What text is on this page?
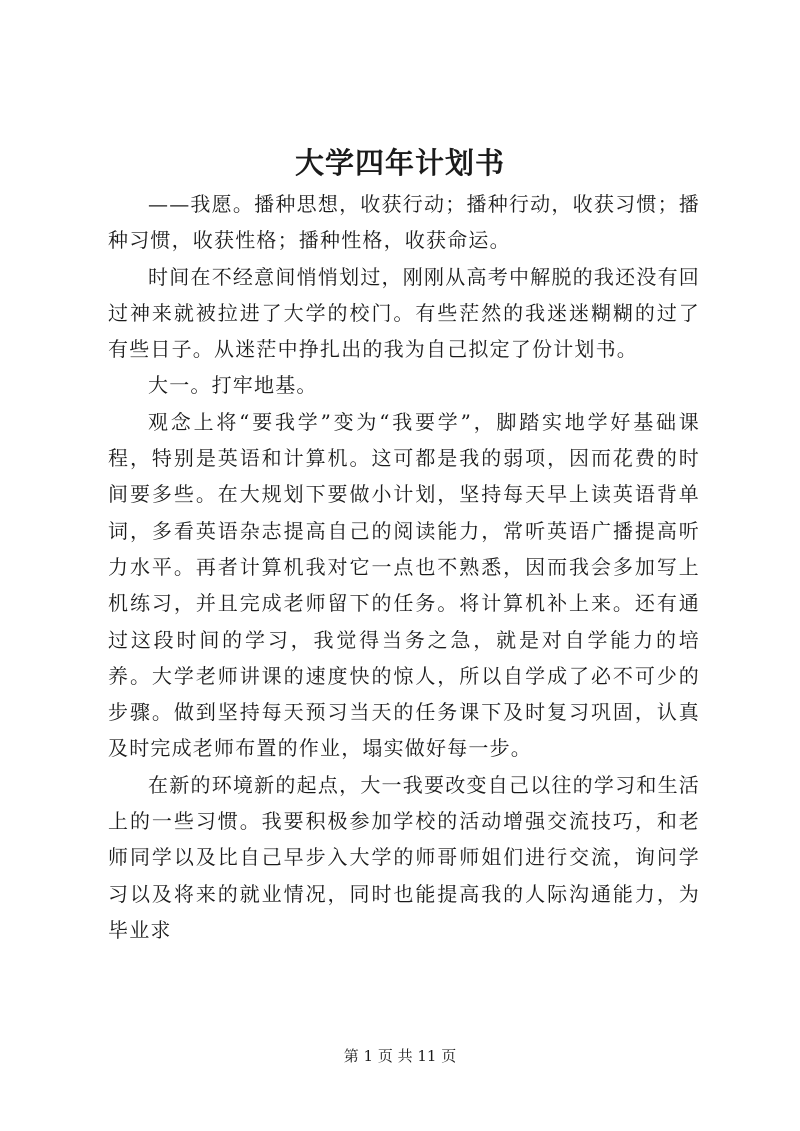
大学四年计划书

——我愿。播种思想，收获行动；播种行动，收获习惯；播种习惯，收获性格；播种性格，收获命运。

时间在不经意间悄悄划过，刚刚从高考中解脱的我还没有回过神来就被拉进了大学的校门。有些茫然的我迷迷糊糊的过了有些日子。从迷茫中挣扎出的我为自己拟定了份计划书。

大一。打牢地基。

观念上将“要我学”变为“我要学”，脚踏实地学好基础课程，特别是英语和计算机。这可都是我的弱项，因而花费的时间要多些。在大规划下要做小计划，坚持每天早上读英语背单词，多看英语杂志提高自己的阅读能力，常听英语广播提高听力水平。再者计算机我对它一点也不熟悉，因而我会多加写上机练习，并且完成老师留下的任务。将计算机补上来。还有通过这段时间的学习，我觉得当务之急，就是对自学能力的培养。大学老师讲课的速度快的惊人，所以自学成了必不可少的步骤。做到坚持每天预习当天的任务课下及时复习巩固，认真及时完成老师布置的作业，塌实做好每一步。

在新的环境新的起点，大一我要改变自己以往的学习和生活上的一些习惯。我要积极参加学校的活动增强交流技巧，和老师同学以及比自己早步入大学的师哥师姐们进行交流，询问学习以及将来的就业情况，同时也能提高我的人际沟通能力，为毕业求

第 1 页 共 11 页
